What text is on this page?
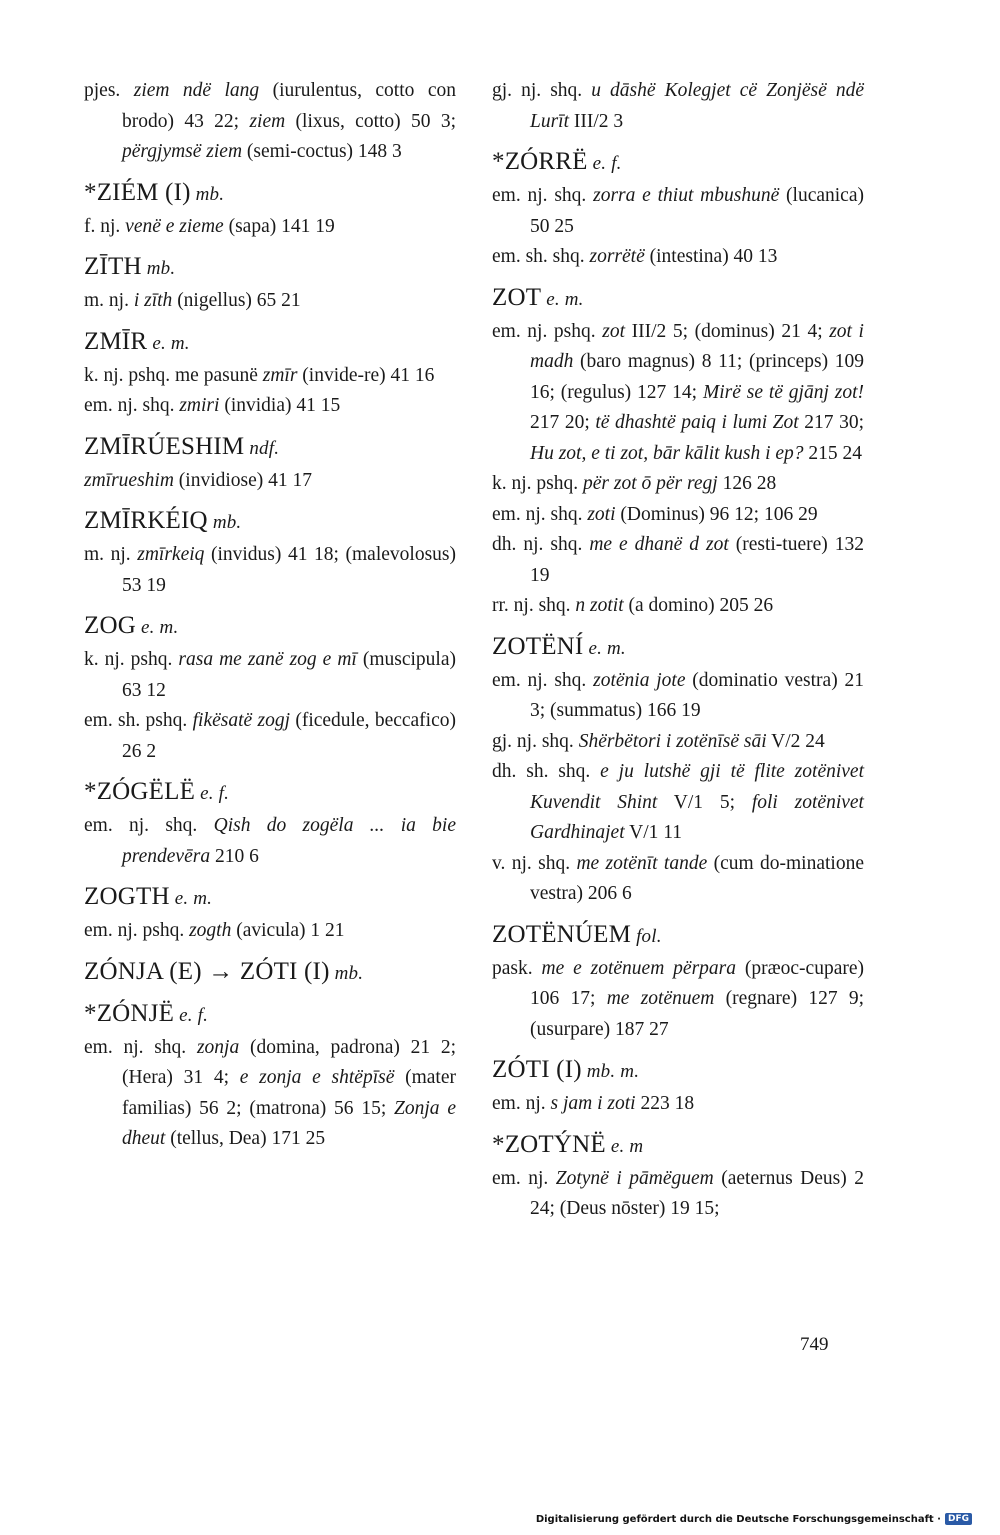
pjes. ziem ndë lang (iurulentus, cotto con brodo) 43 22; ziem (lixus, cotto) 50 3; përgjymsë ziem (semi-coctus) 148 3
*ZIÉM (I) mb.
f. nj. venë e zieme (sapa) 141 19
ZĪTH mb.
m. nj. i zīth (nigellus) 65 21
ZMĪR e. m.
k. nj. pshq. me pasunë zmīr (invide-re) 41 16
em. nj. shq. zmiri (invidia) 41 15
ZMĪRÚESHIM ndf.
zmīrueshim (invidiose) 41 17
ZMĪRKÉIQ mb.
m. nj. zmīrkeiq (invidus) 41 18; (malevolosus) 53 19
ZOG e. m.
k. nj. pshq. rasa me zanë zog e mī (muscipula) 63 12
em. sh. pshq. fikësatë zogj (ficedule, beccafico) 26 2
*ZÓGËLË e. f.
em. nj. shq. Qish do zogëla ... ia bie prendevēra 210 6
ZOGTH e. m.
em. nj. pshq. zogth (avicula) 1 21
ZÓNJA (E) → ZÓTI (I) mb.
*ZÓNJË e. f.
em. nj. shq. zonja (domina, padrona) 21 2; (Hera) 31 4; e zonja e shtëpīsë (mater familias) 56 2; (matrona) 56 15; Zonja e dheut (tellus, Dea) 171 25
gj. nj. shq. u dāshë Kolegjet cë Zonjësë ndë Lurīt III/2 3
*ZÓRRË e. f.
em. nj. shq. zorra e thiut mbushunë (lucanica) 50 25
em. sh. shq. zorrëtë (intestina) 40 13
ZOT e. m.
em. nj. pshq. zot III/2 5; (dominus) 21 4; zot i madh (baro magnus) 8 11; (princeps) 109 16; (regulus) 127 14; Mirë se të gjānj zot! 217 20; të dhashtë paiq i lumi Zot 217 30; Hu zot, e ti zot, bār kālit kush i ep? 215 24
k. nj. pshq. për zot ō për regj 126 28
em. nj. shq. zoti (Dominus) 96 12; 106 29
dh. nj. shq. me e dhanë d zot (resti-tuere) 132 19
rr. nj. shq. n zotit (a domino) 205 26
ZOTËNÍ e. m.
em. nj. shq. zotënia jote (dominatio vestra) 21 3; (summatus) 166 19
gj. nj. shq. Shërbëtori i zotënīsë sāi V/2 24
dh. sh. shq. e ju lutshë gji të flite zotënivet Kuvendit Shint V/1 5; foli zotënivet Gardhinajet V/1 11
v. nj. shq. me zotënīt tande (cum do-minatione vestra) 206 6
ZOTËNÚEM fol.
pask. me e zotënuem përpara (præoc-cupare) 106 17; me zotënuem (regnare) 127 9; (usurpare) 187 27
ZÓTI (I) mb. m.
em. nj. s jam i zoti 223 18
*ZOTÝNË e. m
em. nj. Zotynë i pāmëguem (aeternus Deus) 2 24; (Deus nōster) 19 15;
749
Digitalisierung gefördert durch die Deutsche Forschungsgemeinschaft · DFG
